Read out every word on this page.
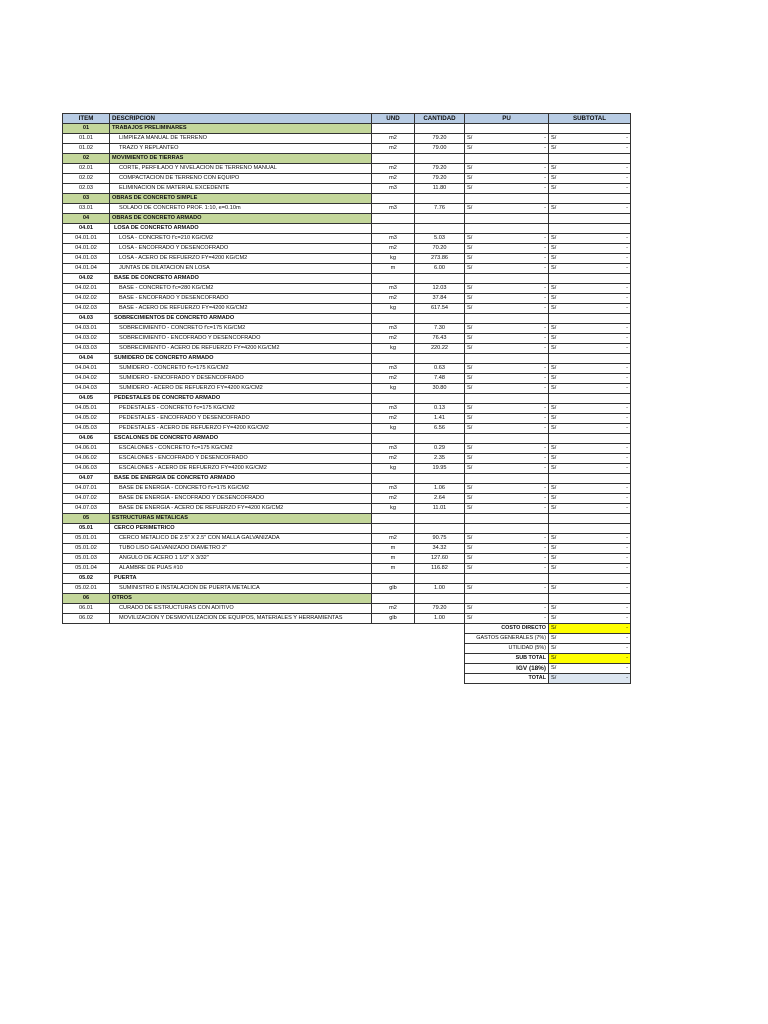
ITEM	DESCRIPCION	UND	CANTIDAD	PU	SUBTOTAL
01	TRABAJOS PRELIMINARES				
01.01	LIMPIEZA MANUAL DE TERRENO	m2	79.20	S/ -	S/ -

01.02	TRAZO Y REPLANTEO	m2	79.00	S/ -	S/ -

02	MOVIMIENTO DE TIERRAS				
02.01	CORTE, PERFILADO Y NIVELACION DE TERRENO MANUAL	m2	79.20	S/ -	S/ -

02.02	COMPACTACION DE TERRENO CON EQUIPO	m2	79.20	S/ -	S/ -

02.03	ELIMINACION DE MATERIAL EXCEDENTE	m3	11.80	S/ -	S/ -

03	OBRAS DE CONCRETO SIMPLE				
03.01	SOLADO DE CONCRETO PROF. 1:10, e=0.10m	m3	7.76	S/ -	S/ -

04	OBRAS DE CONCRETO ARMADO				
04.01	LOSA DE CONCRETO ARMADO				
04.01.01	LOSA - CONCRETO f'c=210 KG/CM2	m3	5.03	S/ -	S/ -

04.01.02	LOSA - ENCOFRADO Y DESENCOFRADO	m2	70.20	S/ -	S/ -

04.01.03	LOSA - ACERO DE REFUERZO FY=4200 KG/CM2	kg	273.86	S/ -	S/ -

04.01.04	JUNTAS DE DILATACION EN LOSA	m	6.00	S/ -	S/ -

04.02	BASE DE CONCRETO ARMADO				
04.02.01	BASE - CONCRETO f'c=280 KG/CM2	m3	12.03	S/ -	S/ -

04.02.02	BASE - ENCOFRADO Y DESENCOFRADO	m2	37.84	S/ -	S/ -

04.02.03	BASE - ACERO DE REFUERZO FY=4200 KG/CM2	kg	617.54	S/ -	S/ -

04.03	SOBRECIMIENTOS DE CONCRETO ARMADO				
04.03.01	SOBRECIMIENTO - CONCRETO f'c=175 KG/CM2	m3	7.30	S/ -	S/ -

04.03.02	SOBRECIMIENTO - ENCOFRADO Y DESENCOFRADO	m2	76.43	S/ -	S/ -

04.03.03	SOBRECIMIENTO - ACERO DE REFUERZO FY=4200 KG/CM2	kg	220.22	S/ -	S/ -

04.04	SUMIDERO DE CONCRETO ARMADO				
04.04.01	SUMIDERO - CONCRETO f'c=175 KG/CM2	m3	0.63	S/ -	S/ -

04.04.02	SUMIDERO - ENCOFRADO Y DESENCOFRADO	m2	7.48	S/ -	S/ -

04.04.03	SUMIDERO - ACERO DE REFUERZO FY=4200 KG/CM2	kg	30.80	S/ -	S/ -

04.05	PEDESTALES DE CONCRETO ARMADO				
04.05.01	PEDESTALES - CONCRETO f'c=175 KG/CM2	m3	0.13	S/ -	S/ -

04.05.02	PEDESTALES - ENCOFRADO Y DESENCOFRADO	m2	1.41	S/ -	S/ -

04.05.03	PEDESTALES - ACERO DE REFUERZO FY=4200 KG/CM2	kg	6.56	S/ -	S/ -

04.06	ESCALONES DE CONCRETO ARMADO				
04.06.01	ESCALONES - CONCRETO f'c=175 KG/CM2	m3	0.29	S/ -	S/ -

04.06.02	ESCALONES - ENCOFRADO Y DESENCOFRADO	m2	2.35	S/ -	S/ -

04.06.03	ESCALONES - ACERO DE REFUERZO FY=4200 KG/CM2	kg	19.95	S/ -	S/ -

04.07	BASE DE ENERGIA DE CONCRETO ARMADO				
04.07.01	BASE DE ENERGIA - CONCRETO f'c=175 KG/CM2	m3	1.06	S/ -	S/ -

04.07.02	BASE DE ENERGIA - ENCOFRADO Y DESENCOFRADO	m2	2.64	S/ -	S/ -

04.07.03	BASE DE ENERGIA - ACERO DE REFUERZO FY=4200 KG/CM2	kg	11.01	S/ -	S/ -

05	ESTRUCTURAS METALICAS				
05.01	CERCO PERIMETRICO				
05.01.01	CERCO METALICO DE 2.5" X 2.5" CON MALLA GALVANIZADA	m2	90.75	S/ -	S/ -

05.01.02	TUBO LISO GALVANIZADO DIAMETRO 2"	m	34.32	S/ -	S/ -

05.01.03	ANGULO DE ACERO 1 1/2" X 3/32"	m	127.60	S/ -	S/ -

05.01.04	ALAMBRE DE PUAS #10	m	116.82	S/ -	S/ -

05.02	PUERTA				
05.02.01	SUMINISTRO E INSTALACION DE PUERTA METALICA	glb	1.00	S/ -	S/ -

06	OTROS				
06.01	CURADO DE ESTRUCTURAS CON ADITIVO	m2	79.20	S/ -	S/ -

06.02	MOVILIZACION Y DESMOVILIZACION DE EQUIPOS, MATERIALES Y HERRAMIENTAS	glb	1.00	S/ -	S/ -

				COSTO DIRECTO	S/ -

				GASTOS GENERALES (7%)	S/ -

				UTILIDAD (5%)	S/ -

				SUB TOTAL	S/ -

				IGV (18%)	S/ -

				TOTAL	S/ -
